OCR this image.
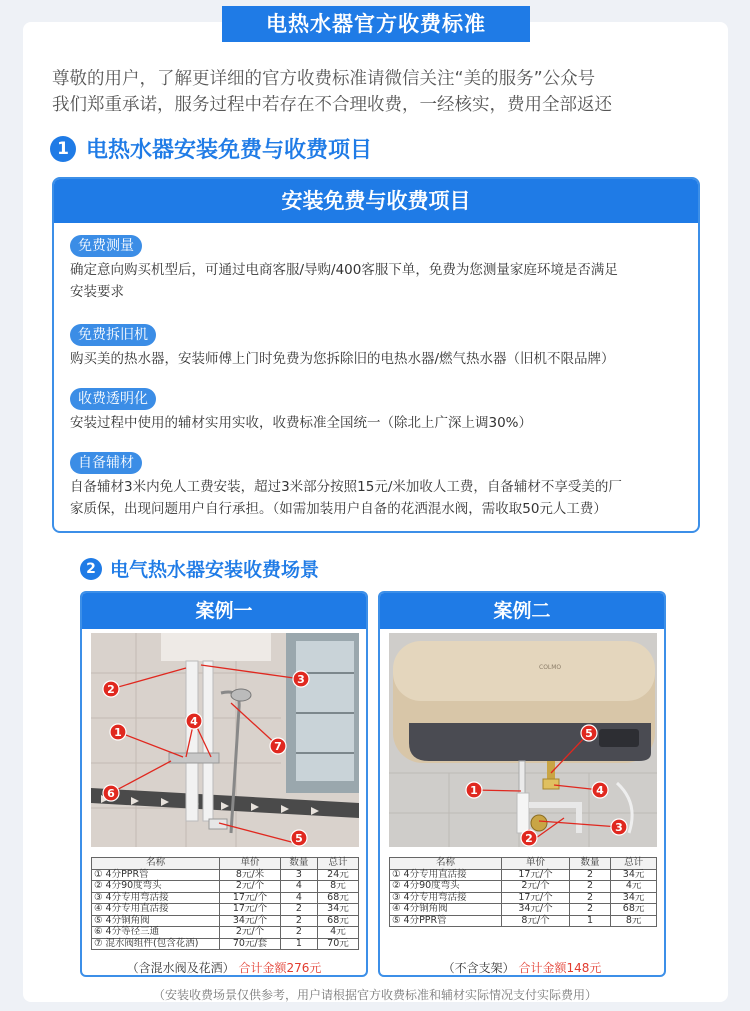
电热水器官方收费标准
尊敬的用户，了解更详细的官方收费标准请微信关注“美的服务”公众号
我们郑重承诺，服务过程中若存在不合理收费，一经核实，费用全部返还
1 电热水器安装免费与收费项目
安装免费与收费项目
免费测量
确定意向购买机型后，可通过电商客服/导购/400客服下单，免费为您测量家庭环境是否满足
安装要求
免费拆旧机
购买美的热水器，安装师傅上门时免费为您拆除旧的电热水器/燃气热水器（旧机不限品牌）
收费透明化
安装过程中使用的辅材实用实收，收费标准全国统一（除北上广深上调30%）
自备辅材
自备辅材3米内免人工费安装，超过3米部分按照15元/米加收人工费，自备辅材不享受美的厂
家质保，出现问题用户自行承担。（如需加装用户自备的花洒混水阀，需收取50元人工费）
2 电气热水器安装收费场景
案例一
2
3
1
4
7
6
5
名称	单价	数量	总计
① 4分PPR管	8元/米	3	24元
② 4分90度弯头	2元/个	4	8元
③ 4分专用弯活接	17元/个	4	68元
④ 4分专用直活接	17元/个	2	34元
⑤ 4分铜角阀	34元/个	2	68元
⑥ 4分等径三通	2元/个	2	4元
⑦ 混水阀组件(包含花洒)	70元/套	1	70元
（含混水阀及花洒） 合计金额276元
案例二
COLMO
5
1	4
3
2
名称	单价	数量	总计
① 4分专用直活接	17元/个	2	34元
② 4分90度弯头	2元/个	2	4元
③ 4分专用弯活接	17元/个	2	34元
④ 4分铜角阀	34元/个	2	68元
⑤ 4分PPR管	8元/个	1	8元
（不含支架） 合计金额148元
（安装收费场景仅供参考，用户请根据官方收费标准和辅材实际情况支付实际费用）
